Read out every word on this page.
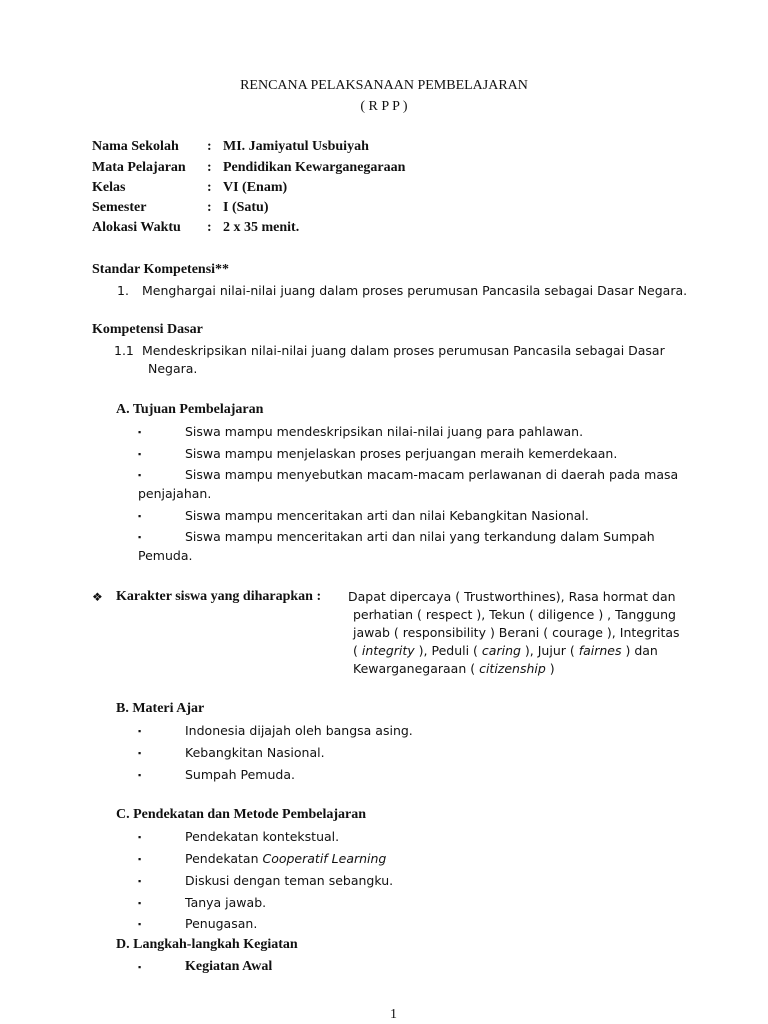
RENCANA PELAKSANAAN PEMBELAJARAN
( R P P )
Nama Sekolah : MI. Jamiyatul Usbuiyah
Mata Pelajaran : Pendidikan Kewarganegaraan
Kelas	: VI (Enam)
Semester	: I (Satu)
Alokasi Waktu : 2 x 35 menit.
Standar Kompetensi**
1. Menghargai nilai-nilai juang dalam proses perumusan Pancasila sebagai Dasar Negara.
Kompetensi Dasar
1.1 Mendeskripsikan nilai-nilai juang dalam proses perumusan Pancasila sebagai Dasar
Negara.
A. Tujuan Pembelajaran
▪	Siswa mampu mendeskripsikan nilai-nilai juang para pahlawan.
▪	Siswa mampu menjelaskan proses perjuangan meraih kemerdekaan.
▪	Siswa mampu menyebutkan macam-macam perlawanan di daerah pada masa
penjajahan.
▪	Siswa mampu menceritakan arti dan nilai Kebangkitan Nasional.
▪	Siswa mampu menceritakan arti dan nilai yang terkandung dalam Sumpah
Pemuda.
❖ Karakter siswa yang diharapkan : Dapat dipercaya ( Trustworthines), Rasa hormat dan
perhatian ( respect ), Tekun ( diligence ) , Tanggung
jawab ( responsibility ) Berani ( courage ), Integritas
( integrity ), Peduli ( caring ), Jujur ( fairnes ) dan
Kewarganegaraan ( citizenship )
B. Materi Ajar
▪	Indonesia dijajah oleh bangsa asing.
▪	Kebangkitan Nasional.
▪	Sumpah Pemuda.
C. Pendekatan dan Metode Pembelajaran
▪	Pendekatan kontekstual.
▪	Pendekatan Cooperatif Learning
▪	Diskusi dengan teman sebangku.
▪	Tanya jawab.
▪	Penugasan.
D. Langkah-langkah Kegiatan
▪	Kegiatan Awal
1
